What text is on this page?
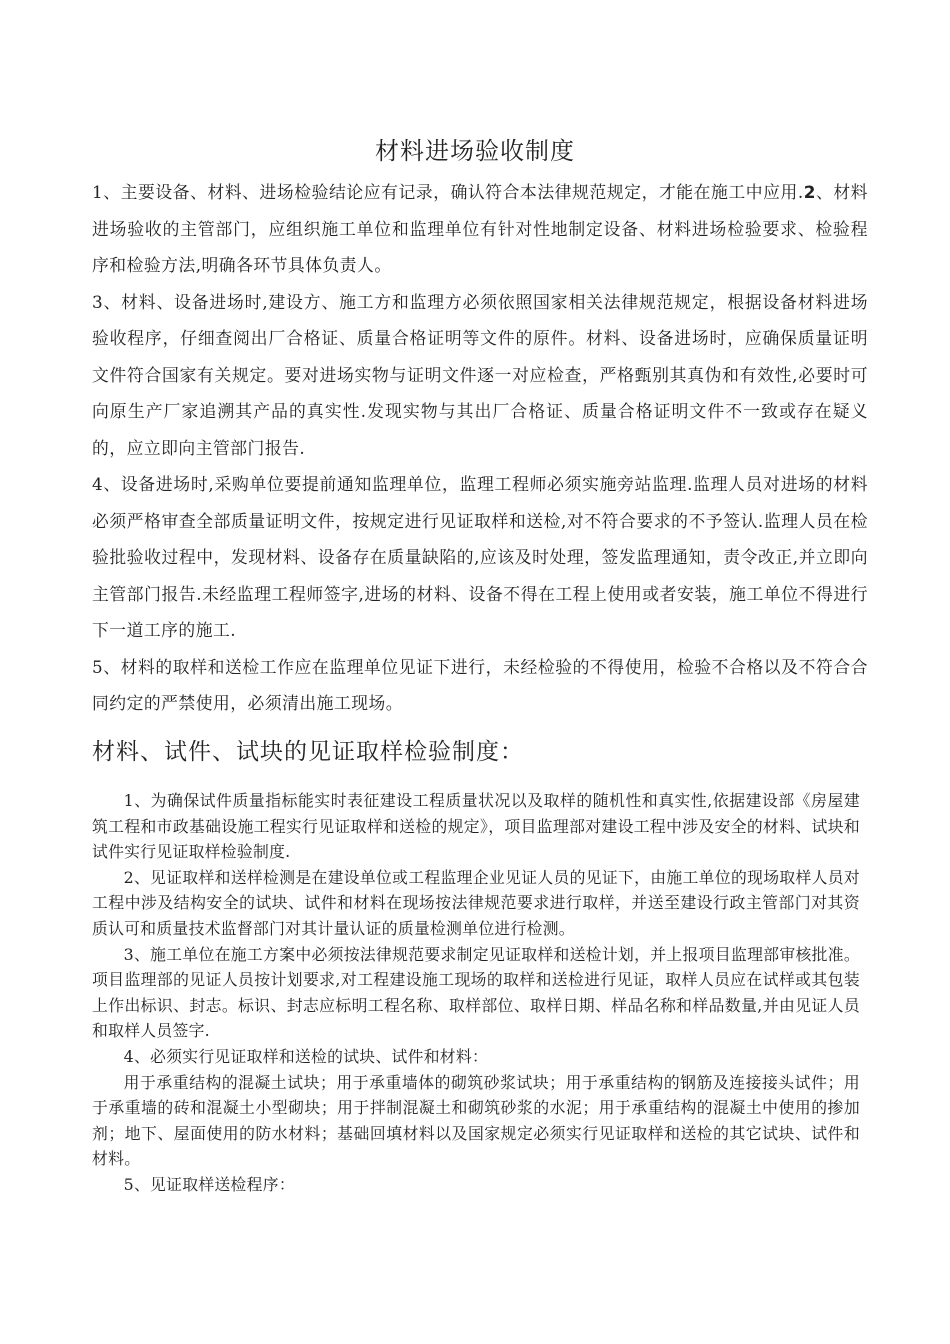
材料进场验收制度

1、主要设备、材料、进场检验结论应有记录，确认符合本法律规范规定，才能在施工中应用.2、材料进场验收的主管部门，应组织施工单位和监理单位有针对性地制定设备、材料进场检验要求、检验程序和检验方法,明确各环节具体负责人。

3、材料、设备进场时,建设方、施工方和监理方必须依照国家相关法律规范规定，根据设备材料进场验收程序，仔细查阅出厂合格证、质量合格证明等文件的原件。材料、设备进场时，应确保质量证明文件符合国家有关规定。要对进场实物与证明文件逐一对应检查，严格甄别其真伪和有效性,必要时可向原生产厂家追溯其产品的真实性.发现实物与其出厂合格证、质量合格证明文件不一致或存在疑义的，应立即向主管部门报告.

4、设备进场时,采购单位要提前通知监理单位，监理工程师必须实施旁站监理.监理人员对进场的材料必须严格审查全部质量证明文件，按规定进行见证取样和送检,对不符合要求的不予签认.监理人员在检验批验收过程中，发现材料、设备存在质量缺陷的,应该及时处理，签发监理通知，责令改正,并立即向主管部门报告.未经监理工程师签字,进场的材料、设备不得在工程上使用或者安装，施工单位不得进行下一道工序的施工.

5、材料的取样和送检工作应在监理单位见证下进行，未经检验的不得使用，检验不合格以及不符合合同约定的严禁使用，必须清出施工现场。

材料、试件、试块的见证取样检验制度：

1、为确保试件质量指标能实时表征建设工程质量状况以及取样的随机性和真实性,依据建设部《房屋建筑工程和市政基础设施工程实行见证取样和送检的规定》，项目监理部对建设工程中涉及安全的材料、试块和试件实行见证取样检验制度.

2、见证取样和送样检测是在建设单位或工程监理企业见证人员的见证下，由施工单位的现场取样人员对工程中涉及结构安全的试块、试件和材料在现场按法律规范要求进行取样，并送至建设行政主管部门对其资质认可和质量技术监督部门对其计量认证的质量检测单位进行检测。

3、施工单位在施工方案中必须按法律规范要求制定见证取样和送检计划，并上报项目监理部审核批准。项目监理部的见证人员按计划要求,对工程建设施工现场的取样和送检进行见证，取样人员应在试样或其包装上作出标识、封志。标识、封志应标明工程名称、取样部位、取样日期、样品名称和样品数量,并由见证人员和取样人员签字.

4、必须实行见证取样和送检的试块、试件和材料：

用于承重结构的混凝土试块；用于承重墙体的砌筑砂浆试块；用于承重结构的钢筋及连接接头试件；用于承重墙的砖和混凝土小型砌块；用于拌制混凝土和砌筑砂浆的水泥；用于承重结构的混凝土中使用的掺加剂；地下、屋面使用的防水材料；基础回填材料以及国家规定必须实行见证取样和送检的其它试块、试件和材料。

5、见证取样送检程序：
